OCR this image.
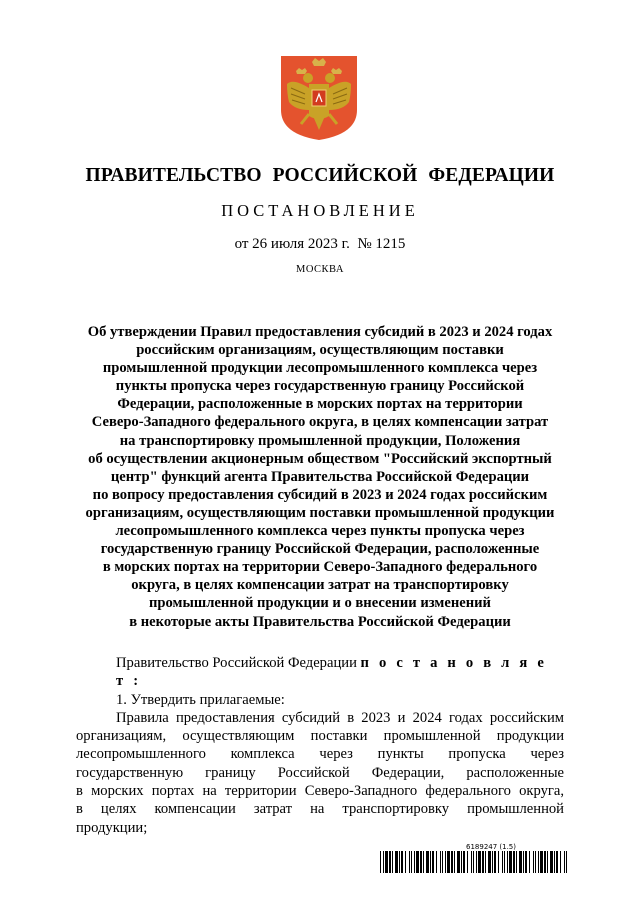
ПРАВИТЕЛЬСТВО РОССИЙСКОЙ ФЕДЕРАЦИИ
ПОСТАНОВЛЕНИЕ
от 26 июля 2023 г. № 1215
МОСКВА
Об утверждении Правил предоставления субсидий в 2023 и 2024 годах
российским организациям, осуществляющим поставки
промышленной продукции лесопромышленного комплекса через
пункты пропуска через государственную границу Российской
Федерации, расположенные в морских портах на территории
Северо-Западного федерального округа, в целях компенсации затрат
на транспортировку промышленной продукции, Положения
об осуществлении акционерным обществом "Российский экспортный
центр" функций агента Правительства Российской Федерации
по вопросу предоставления субсидий в 2023 и 2024 годах российским
организациям, осуществляющим поставки промышленной продукции
лесопромышленного комплекса через пункты пропуска через
государственную границу Российской Федерации, расположенные
в морских портах на территории Северо-Западного федерального
округа, в целях компенсации затрат на транспортировку
промышленной продукции и о внесении изменений
в некоторые акты Правительства Российской Федерации
Правительство Российской Федерации п о с т а н о в л я е т :
1. Утвердить прилагаемые:
Правила предоставления субсидий в 2023 и 2024 годах российским
организациям, осуществляющим поставки промышленной продукции
лесопромышленного комплекса через пункты пропуска через
государственную границу Российской Федерации, расположенные
в морских портах на территории Северо-Западного федерального округа,
в целях компенсации затрат на транспортировку промышленной
продукции;
6189247 (1.5)
